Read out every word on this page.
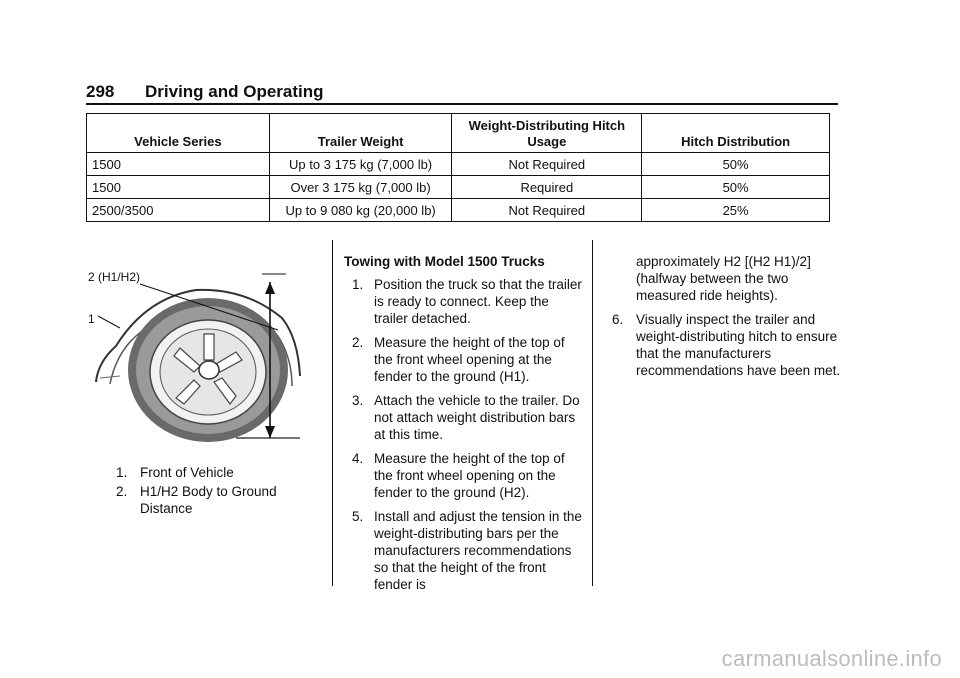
298 Driving and Operating
Vehicle Series	Trailer Weight	Weight-Distributing Hitch Usage	Hitch Distribution
1500	Up to 3 175 kg (7,000 lb)	Not Required	50%
1500	Over 3 175 kg (7,000 lb)	Required	50%
2500/3500	Up to 9 080 kg (20,000 lb)	Not Required	25%
2 (H1/H2)
1
1. Front of Vehicle
2. H1/H2 Body to Ground Distance
Towing with Model 1500 Trucks
1. Position the truck so that the trailer is ready to connect. Keep the trailer detached.
2. Measure the height of the top of the front wheel opening at the fender to the ground (H1).
3. Attach the vehicle to the trailer. Do not attach weight distribution bars at this time.
4. Measure the height of the top of the front wheel opening on the fender to the ground (H2).
5. Install and adjust the tension in the weight-distributing bars per the manufacturers recommendations so that the height of the front fender is
approximately H2 [(H2 H1)/2] (halfway between the two measured ride heights).
6. Visually inspect the trailer and weight-distributing hitch to ensure that the manufacturers recommendations have been met.
carmanualsonline.info
